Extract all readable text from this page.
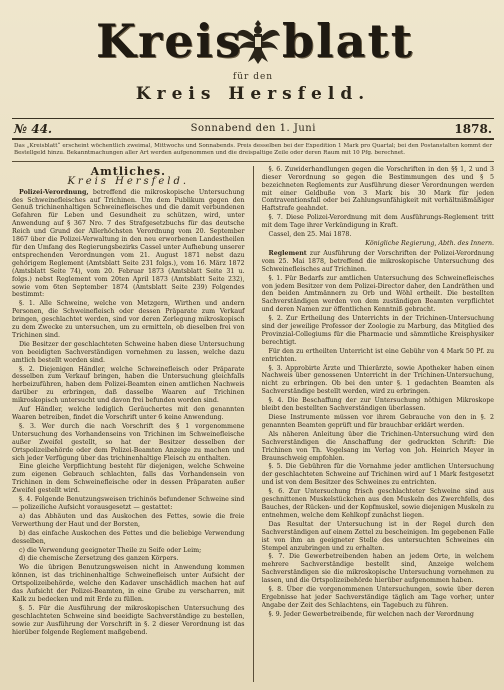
Kreis blatt
für den
Kreis Hersfeld.
№ 44.	Sonnabend den 1. Juni	1878.
Das „Kreisblatt“ erscheint wöchentlich zweimal, Mittwochs und Sonnabends. Preis desselben bei der Expedition 1 Mark pro Quartal; bei den Postanstalten kommt der Bestellgeld hinzu. Bekanntmachungen aller Art werden aufgenommen und die dreispaltige Zeile oder deren Raum mit 10 Pfg. berechnet.
Amtliches.
Kreis Hersfeld.

Polizei-Verordnung, betreffend die mikroskopische Untersuchung des Schweinefleisches auf Trichinen. Um dem Publikum gegen den Genuß trichinenhaltigen Schweinefleisches und die damit verbundenen Gefahren für Leben und Gesundheit zu schützen, wird, unter Anwendung auf § 367 Nro. 7 des Strafgesetzbuchs für das deutsche Reich und Grund der Allerhöchsten Verordnung vom 20. September 1867 über die Polizei-Verwaltung in den neu erworbenen Landestheilen für den Umfang des Regierungsbezirks Cassel unter Aufhebung unserer entsprechenden Verordnungen vom 21. August 1871 nebst dazu gehörigem Reglement (Amtsblatt Seite 231 folgs.), vom 16. März 1872 (Amtsblatt Seite 74), vom 20. Februar 1873 (Amtsblatt Seite 31 u. folgs.) nebst Reglement vom 20ten April 1873 (Amtsblatt Seite 232), sowie vom 6ten September 1874 (Amtsblatt Seite 239) Folgendes bestimmt:

§. 1. Alle Schweine, welche von Metzgern, Wirthen und andern Personen, die Schweinefleisch oder dessen Präparate zum Verkauf bringen, geschlachtet werden, sind vor deren Zerlegung mikroskopisch zu dem Zwecke zu untersuchen, um zu ermitteln, ob dieselben frei von Trichinen sind.

Die Besitzer der geschlachteten Schweine haben diese Untersuchung von beeidigten Sachverständigen vornehmen zu lassen, welche dazu amtlich bestellt worden sind.

§. 2. Diejenigen Händler, welche Schweinefleisch oder Präparate desselben zum Verkauf bringen, haben die Untersuchung gleichfalls herbeizuführen, haben dem Polizei-Beamten einen amtlichen Nachweis darüber zu erbringen, daß dasselbe Waaren auf Trichinen mikroskopisch untersucht und davon frei befunden worden sind.

Auf Händler, welche lediglich Geräuchertes mit den genannten Waaren betreiben, findet die Vorschrift unter 6 keine Anwendung.

§. 3. Wer durch die nach Vorschrift des § 1 vorgenommene Untersuchung des Vorhandenseins von Trichinen im Schweinefleische außer Zweifel gestellt, so hat der Besitzer desselben der Ortspolizeibehörde oder dem Polizei-Beamten Anzeige zu machen und sich jeder Verfügung über das trichinenhaltige Fleisch zu enthalten.

Eine gleiche Verpflichtung besteht für diejenigen, welche Schweine zum eigenen Gebrauch schlachten, falls das Vorhandensein von Trichinen in dem Schweinefleische oder in dessen Präparaten außer Zweifel gestellt wird.

§. 4. Folgende Benutzungsweisen trichinös befundener Schweine sind — polizeiliche Aufsicht vorausgesetzt — gestattet:

a) das Abhäuten und das Auskochen des Fettes, sowie die freie Verwerthung der Haut und der Borsten,

b) das einfache Auskochen des Fettes und die beliebige Verwendung desselben,

c) die Verwendung geeigneter Theile zu Seife oder Leim;

d) die chemische Zersetzung des ganzen Körpers.

Wo die übrigen Benutzungsweisen nicht in Anwendung kommen können, ist das trichinenhaltige Schweinefleisch unter Aufsicht der Ortspolizeibehörde, welche den Kadaver unschädlich machen hat auf das Aufsicht der Polizei-Beamten, in eine Grube zu verscharren, mit Kalk zu bedecken und mit Erde zu füllen.

§. 5. Für die Ausführung der mikroskopischen Untersuchung des geschlachteten Schweine sind beeidigte Sachverständige zu bestellen, sowie zur Ausführung der Vorschrift in §. 2 dieser Verordnung ist das hierüber folgende Reglement maßgebend.

§. 6. Zuwiderhandlungen gegen die Vorschriften in den §§ 1, 2 und 3 dieser Verordnung so gegen die Bestimmungen des und § 5 bezeichneten Reglements zur Ausführung dieser Verordnungen werden mit einer Geldbuße von 3 Mark bis 30 Mark für jeden Contraventionsfall oder bei Zahlungsunfähigkeit mit verhältnißmäßiger Haftstrafe geahndet.

§. 7. Diese Polizei-Verordnung mit dem Ausführungs-Reglement tritt mit dem Tage ihrer Verkündigung in Kraft.

Cassel, den 25. Mai 1878.

Königliche Regierung, Abth. des Innern.

Reglement zur Ausführung der Vorschriften der Polizei-Verordnung vom 25. Mai 1878, betreffend die mikroskopische Untersuchung des Schweinefleisches auf Trichinen.

§. 1. Für Bedarfs zur amtlichen Untersuchung des Schweinefleisches von jedem Besitzer von dem Polizei-Director daher, den Landräthen und den beiden Amtmännern zu Orb und Wöhl ertheilt. Die bestellten Sachverständigen werden von dem zuständigen Beamten verpflichtet und deren Namen zur öffentlichen Kenntniß gebracht.

§. 2. Zur Ertheilung des Unterrichts in der Trichinen-Untersuchung sind der jeweilige Professor der Zoologie zu Marburg, das Mitglied des Provinzial-Collegiums für die Pharmacie und sämmtliche Kreisphysiker berechtigt.

Für den zu ertheilten Unterricht ist eine Gebühr von 4 Mark 50 Pf. zu entrichten.

§. 3. Approbirte Ärzte und Thierärzte, sowie Apotheker haben einen Nachweis über genossenen Unterricht in der Trichinen-Untersuchung, nicht zu erbringen. Ob bei den unter §. 1 gedachten Beamten als Sachverständige bestellt werden, wird zu erbringen.

§. 4. Die Beschaffung der zur Untersuchung nöthigen Mikroskope bleibt den bestellten Sachverständigen überlassen.

Diese Instrumente müssen vor ihrem Gebrauche von den in §. 2 genannten Beamten geprüft und für brauchbar erklärt werden.

Als näheren Anleitung über die Trichinen-Untersuchung wird den Sachverständigen die Anschaffung der gedruckten Schrift: Die Trichinen von Th. Vogelsang im Verlag von Joh. Heinrich Meyer in Braunschweig empfohlen.

§. 5. Die Gebühren für die Vornahme jeder amtlichen Untersuchung der geschlachteten Schweine auf Trichinen wird auf 1 Mark festgesetzt und ist von dem Besitzer des Schweines zu entrichten.

§. 6. Zur Untersuchung frisch geschlachteter Schweine sind aus geschnittenen Muskelstückchen aus den Muskeln des Zwerchfells, des Bauches, der Rücken- und der Kopfmuskel, sowie diejenigen Muskeln zu entnehmen, welche dem Kehlkopf zunächst liegen.

Das Resultat der Untersuchung ist in der Regel durch den Sachverständigen auf einem Zettel zu bescheinigen. Im gegebenen Falle ist von ihm an geeigneter Stelle des untersuchten Schweines ein Stempel anzubringen und zu erhalten.

§. 7. Die Gewerbetreibenden haben an jedem Orte, in welchem mehrere Sachverständige bestellt sind, Anzeige welchem Sachverständigen sie die mikroskopische Untersuchung vornehmen zu lassen, und die Ortspolizeibehörde hierüber aufgenommen haben.

§. 8. Über die vorgenommenen Untersuchungen, sowie über deren Ergebnisse hat jeder Sachverständige täglich am Tage vorher, unter Angabe der Zeit des Schlachtens, ein Tagebuch zu führen.

§. 9. Jeder Gewerbetreibende, für welchen nach der Verordnung
